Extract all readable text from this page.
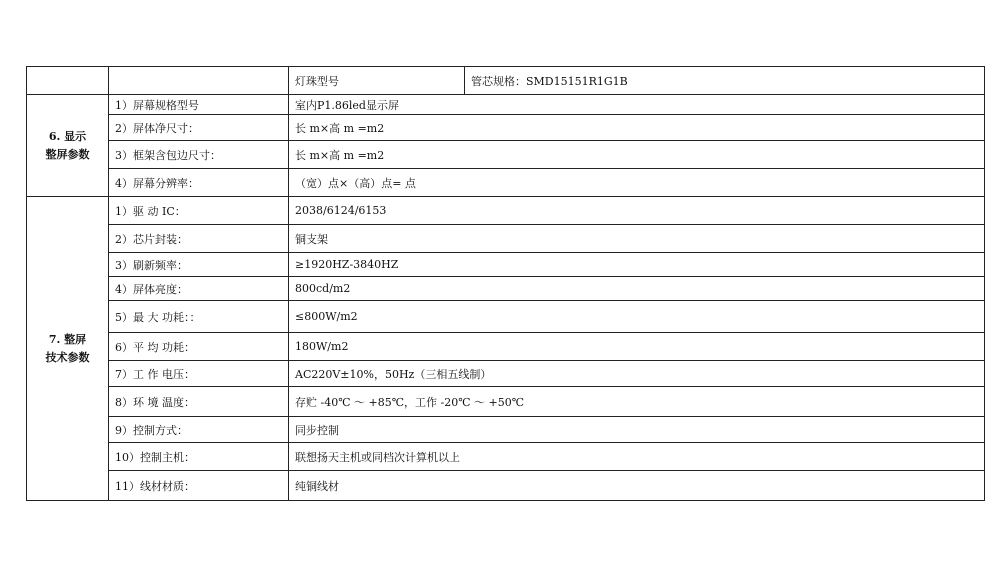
		灯珠型号	管芯规格：SMD15151R1G1B
6. 显示
整屏参数	1）屏幕规格型号	室内P1.86led显示屏	
	2）屏体净尺寸：	长 m×高 m =m2	
	3）框架含包边尺寸：	长 m×高 m =m2	
	4）屏幕分辨率：	（宽）点×（高）点= 点	
7. 整屏
技术参数	1）驱 动 IC：	2038/6124/6153	
	2）芯片封装：	铜支架	
	3）刷新频率：	≥1920HZ-3840HZ	
	4）屏体亮度：	800cd/m2	
	5）最 大 功耗：：	≤800W/m2	
	6）平 均 功耗：	180W/m2	
	7）工 作 电压：	AC220V±10%，50Hz（三相五线制）	
	8）环 境 温度：	存贮 -40℃ ～ +85℃，工作 -20℃ ～ +50℃	
	9）控制方式：	同步控制	
	10）控制主机：	联想扬天主机或同档次计算机以上	
	11）线材材质：	纯铜线材	
